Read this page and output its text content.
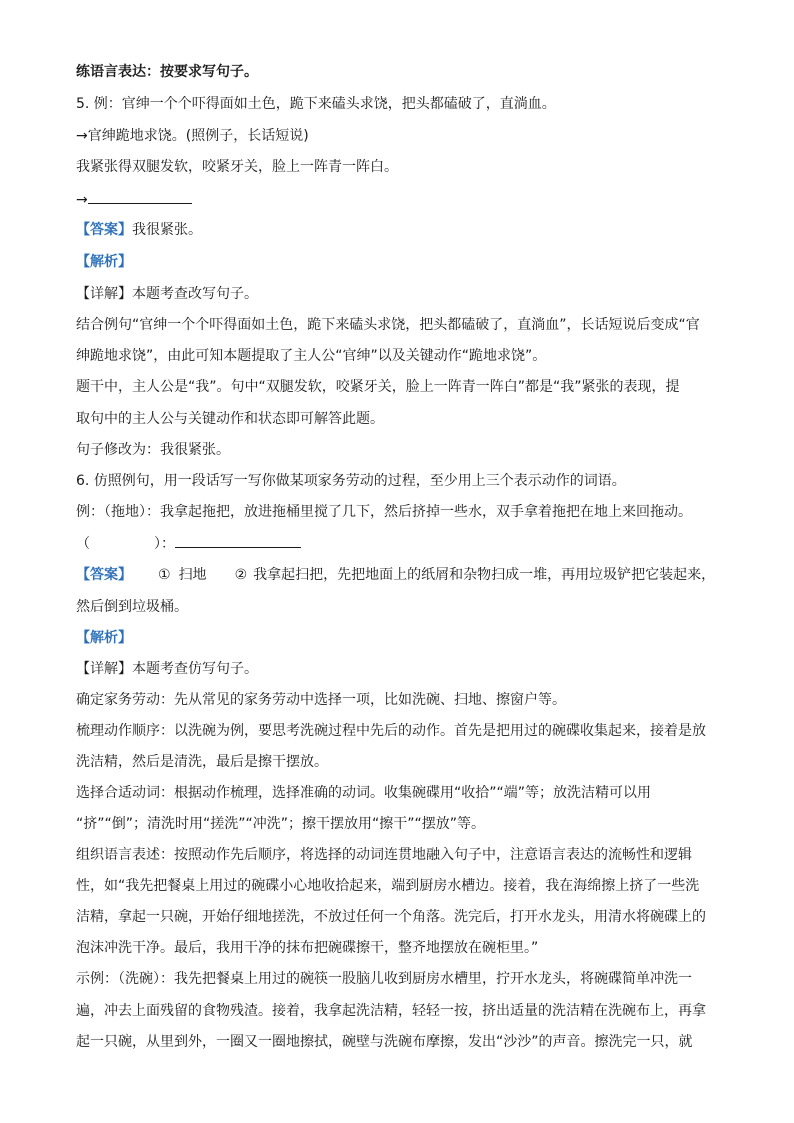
练语言表达：按要求写句子。
5. 例：官绅一个个吓得面如土色，跪下来磕头求饶，把头都磕破了，直淌血。
→官绅跪地求饶。(照例子，长话短说)
我紧张得双腿发软，咬紧牙关，脸上一阵青一阵白。
→
【答案】我很紧张。
【解析】
【详解】本题考查改写句子。
结合例句“官绅一个个吓得面如土色，跪下来磕头求饶，把头都磕破了，直淌血”，长话短说后变成“官
绅跪地求饶”，由此可知本题提取了主人公“官绅”以及关键动作“跪地求饶”。
题干中，主人公是“我”。句中“双腿发软，咬紧牙关，脸上一阵青一阵白”都是“我”紧张的表现，提
取句中的主人公与关键动作和状态即可解答此题。
句子修改为：我很紧张。
6. 仿照例句，用一段话写一写你做某项家务劳动的过程，至少用上三个表示动作的词语。
例：（拖地）：我拿起拖把，放进拖桶里搅了几下，然后挤掉一些水，双手拿着拖把在地上来回拖动。
（	）：
【答案】 ① 扫地 ② 我拿起扫把，先把地面上的纸屑和杂物扫成一堆，再用垃圾铲把它装起来，
然后倒到垃圾桶。
【解析】
【详解】本题考查仿写句子。
确定家务劳动：先从常见的家务劳动中选择一项，比如洗碗、扫地、擦窗户等。
梳理动作顺序：以洗碗为例，要思考洗碗过程中先后的动作。首先是把用过的碗碟收集起来，接着是放
洗洁精，然后是清洗，最后是擦干摆放。
选择合适动词：根据动作梳理，选择准确的动词。收集碗碟用“收拾”“端”等；放洗洁精可以用
“挤”“倒”；清洗时用“搓洗”“冲洗”；擦干摆放用“擦干”“摆放”等。
组织语言表述：按照动作先后顺序，将选择的动词连贯地融入句子中，注意语言表达的流畅性和逻辑
性，如“我先把餐桌上用过的碗碟小心地收拾起来，端到厨房水槽边。接着，我在海绵擦上挤了一些洗
洁精，拿起一只碗，开始仔细地搓洗，不放过任何一个角落。洗完后，打开水龙头，用清水将碗碟上的
泡沫冲洗干净。最后，我用干净的抹布把碗碟擦干，整齐地摆放在碗柜里。”
示例：（洗碗）：我先把餐桌上用过的碗筷一股脑儿收到厨房水槽里，拧开水龙头，将碗碟简单冲洗一
遍，冲去上面残留的食物残渣。接着，我拿起洗洁精，轻轻一按，挤出适量的洗洁精在洗碗布上，再拿
起一只碗，从里到外，一圈又一圈地擦拭，碗壁与洗碗布摩擦，发出“沙沙”的声音。擦洗完一只，就
